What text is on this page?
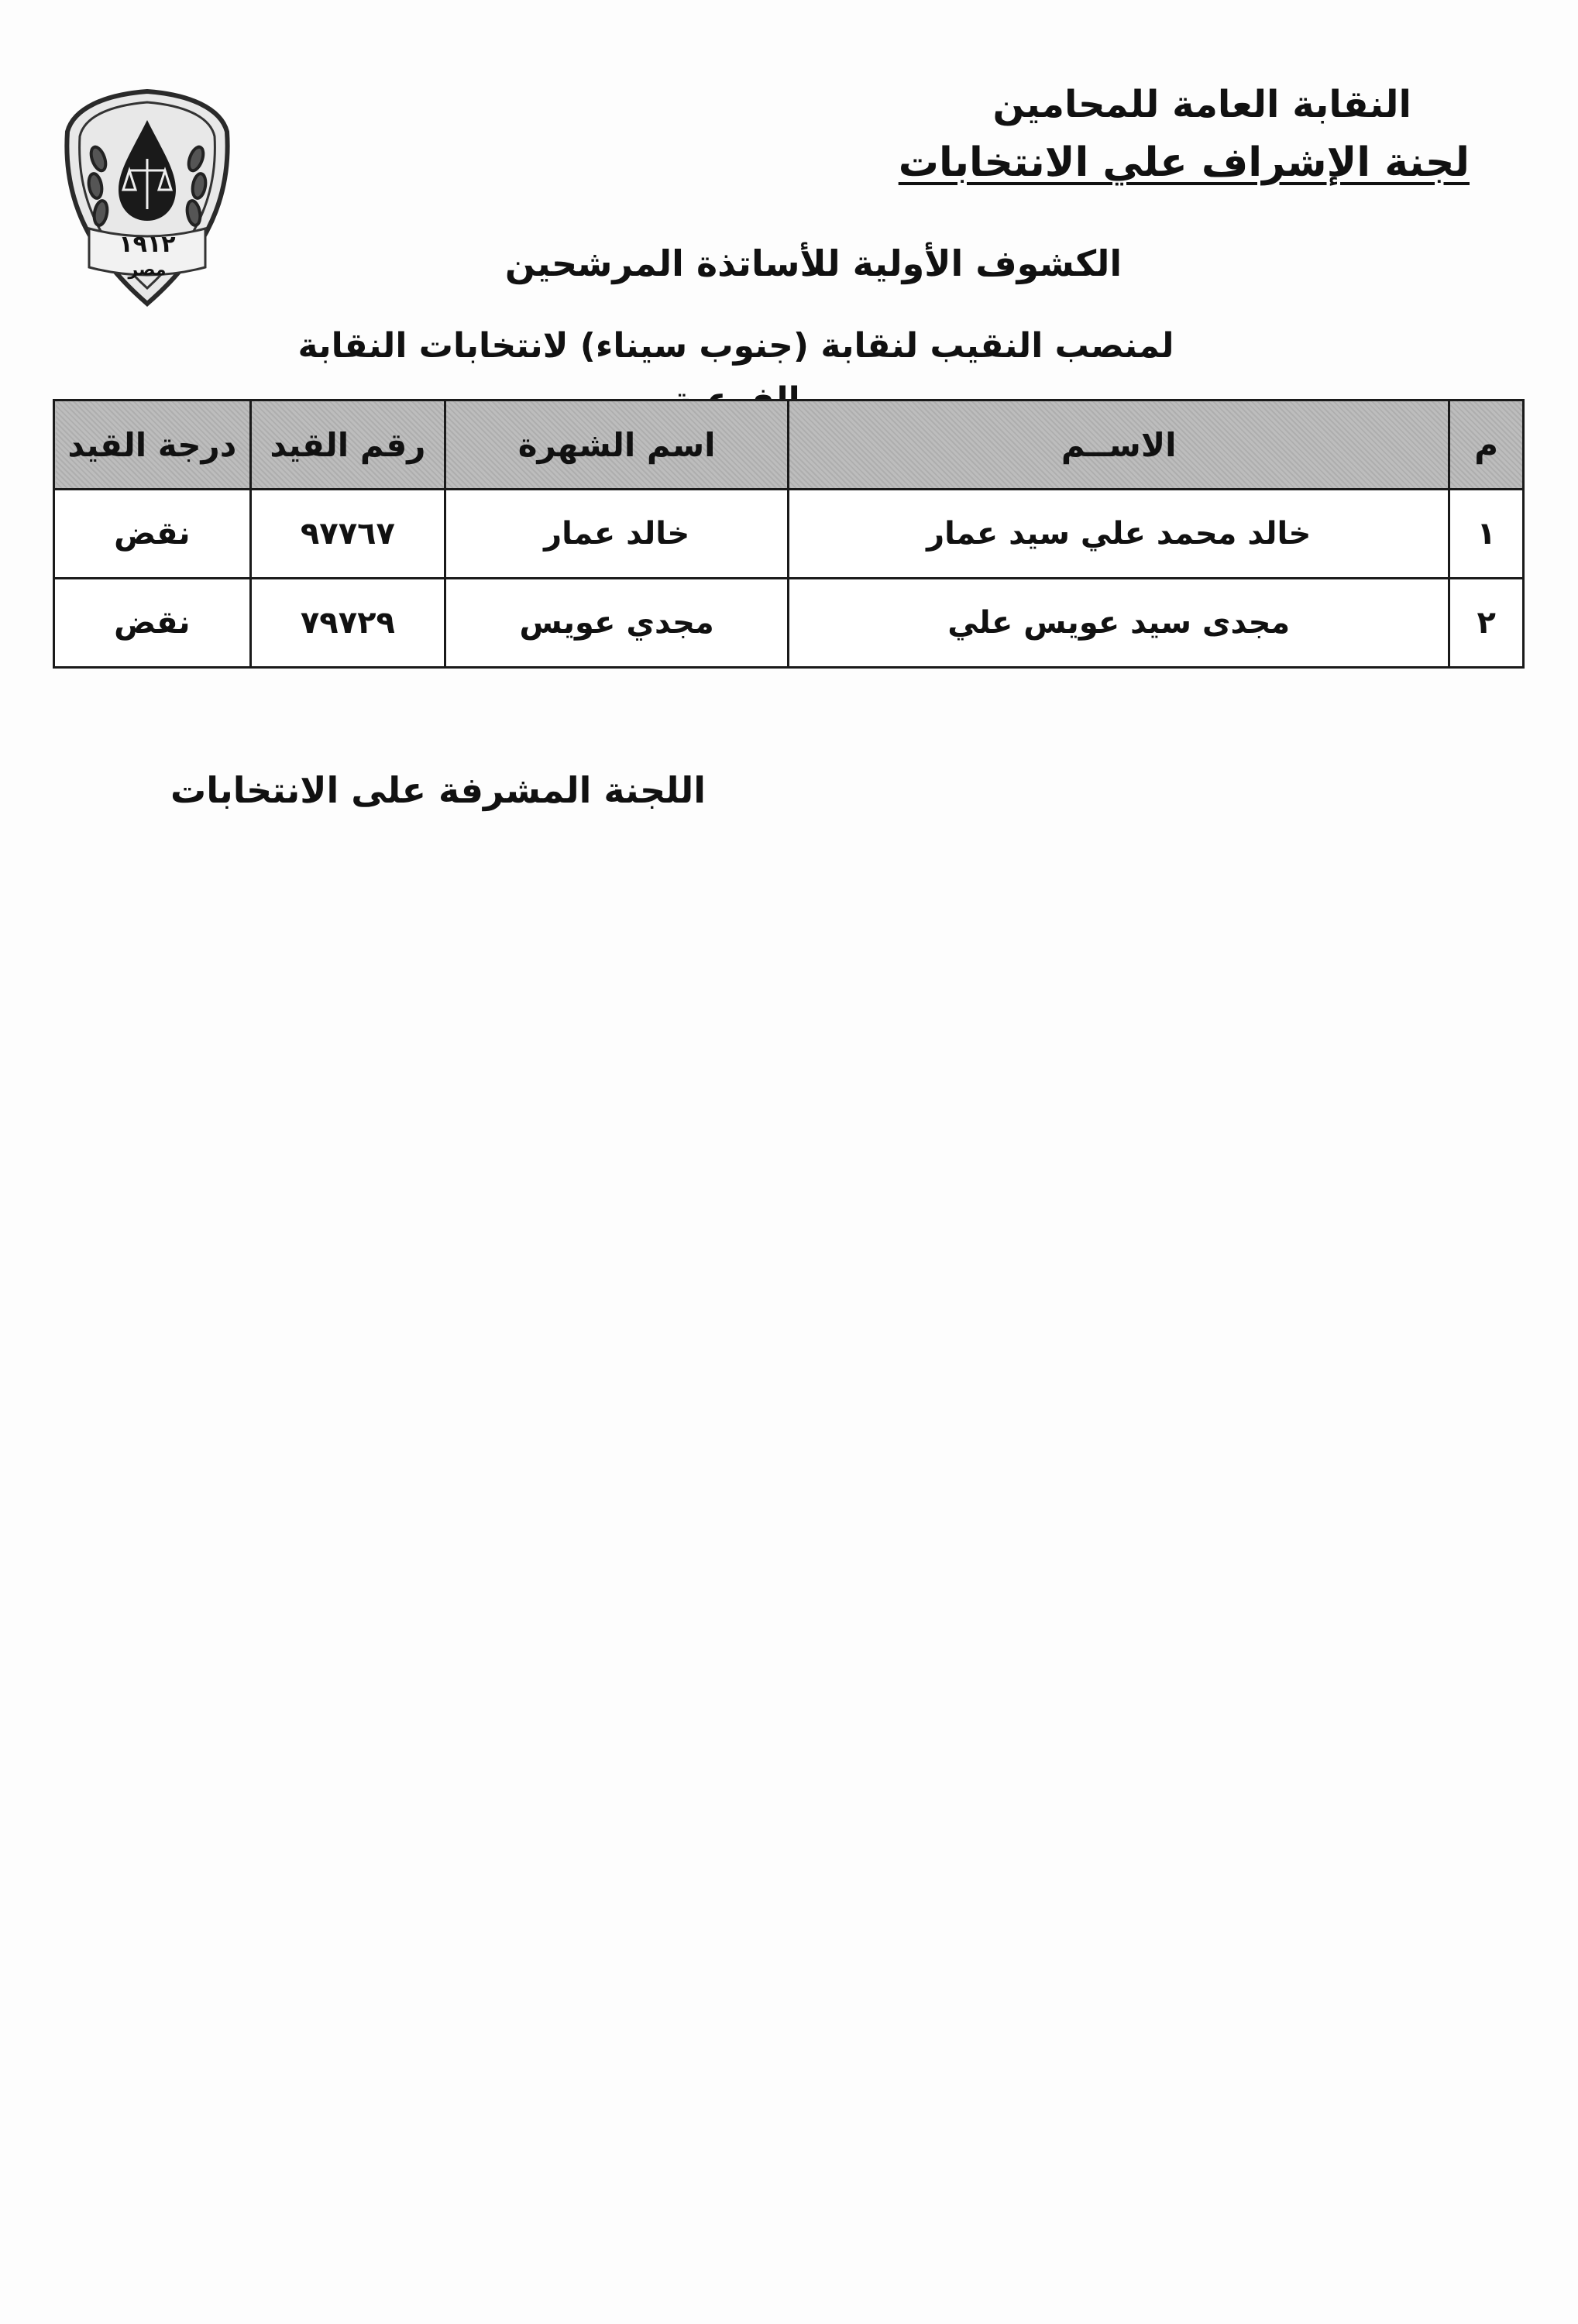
١٩١٢
مصر

النقابة العامة للمحامين

لجنة الإشراف علي الانتخابات

الكشوف الأولية للأساتذة المرشحين
لمنصب النقيب لنقابة (جنوب سيناء) لانتخابات النقابة
م	الاســم	اسم الشهرة	رقم القيد	درجة القيد
١	خالد محمد علي سيد عمار	خالد عمار	٩٧٧٦٧	نقض
٢	مجدى سيد عويس علي	مجدي عويس	٧٩٧٢٩	نقض
اللجنة المشرفة على الانتخابات
